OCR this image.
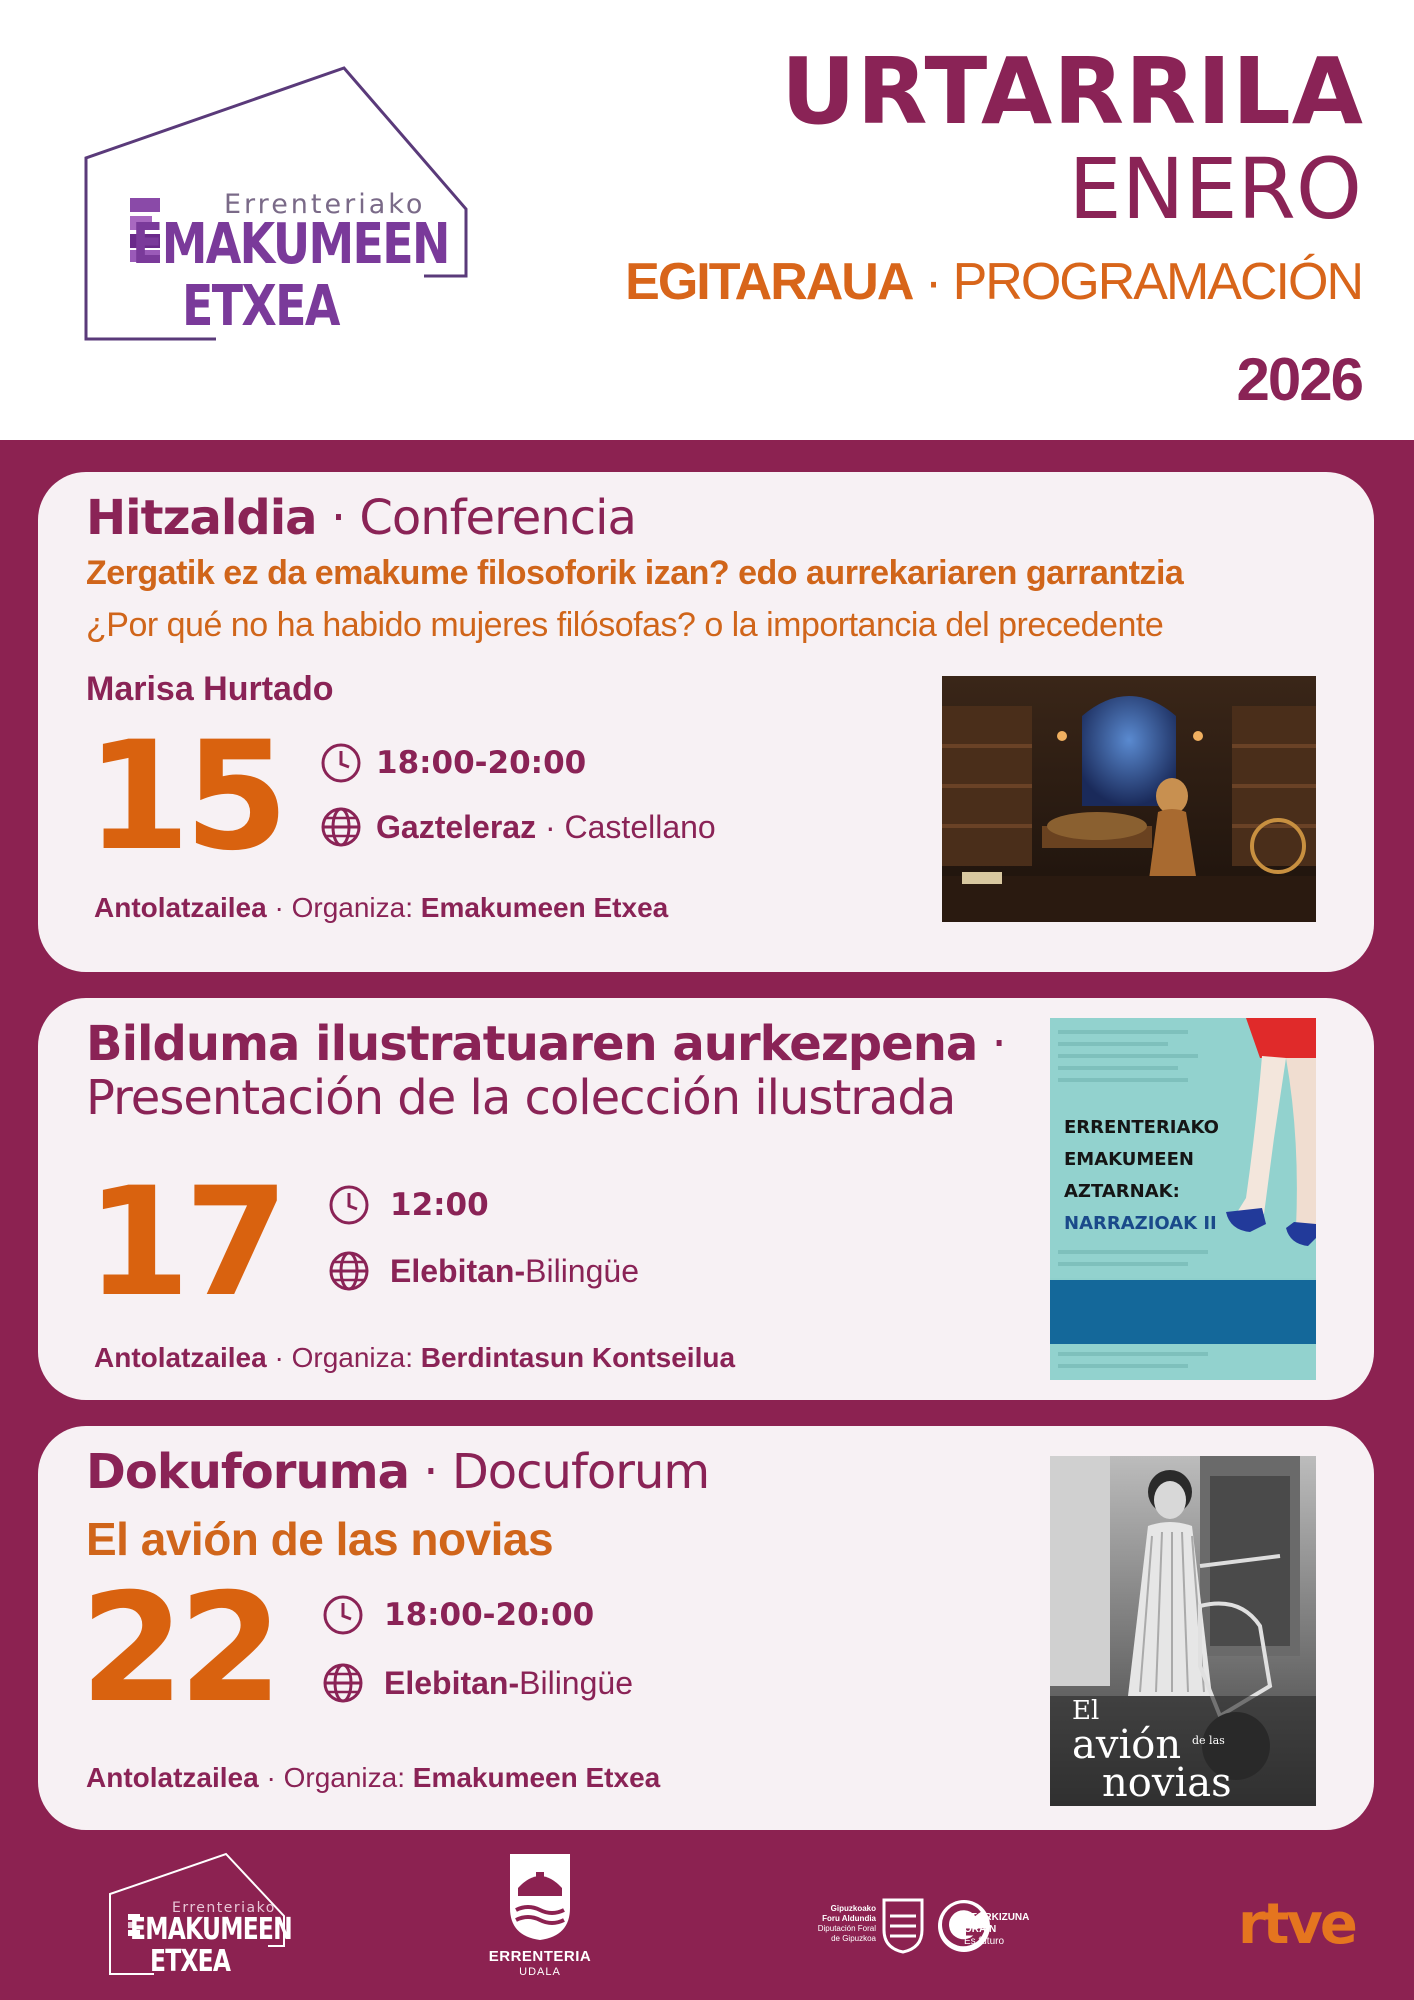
Errenteriako
EMAKUMEEN
ETXEA
URTARRILA
ENERO
EGITARAUA · PROGRAMACIÓN
2026
Hitzaldia · Conferencia
Zergatik ez da emakume filosoforik izan? edo aurrekariaren garrantzia
¿Por qué no ha habido mujeres filósofas? o la importancia del precedente
Marisa Hurtado
15	18:00-20:00
Gazteleraz · Castellano
Antolatzailea · Organiza: Emakumeen Etxea
Bilduma ilustratuaren aurkezpena ·
Presentación de la colección ilustrada
17	12:00
Elebitan-Bilingüe
Antolatzailea · Organiza: Berdintasun Kontseilua
ERRENTERIAKO
EMAKUMEEN
AZTARNAK:
NARRAZIOAK II
Dokuforuma · Docuforum
El avión de las novias
22	18:00-20:00
Elebitan-Bilingüe
Antolatzailea · Organiza: Emakumeen Etxea
El
avión de las
novias
Errenteriako
EMAKUMEEN
ETXEA	ERRENTERIA
UDALA
Gipuzkoako
Foru Aldundia
Diputación Foral
de Gipuzkoa
ETORKIZUNA
ORAIN
Es futuro	rtve
